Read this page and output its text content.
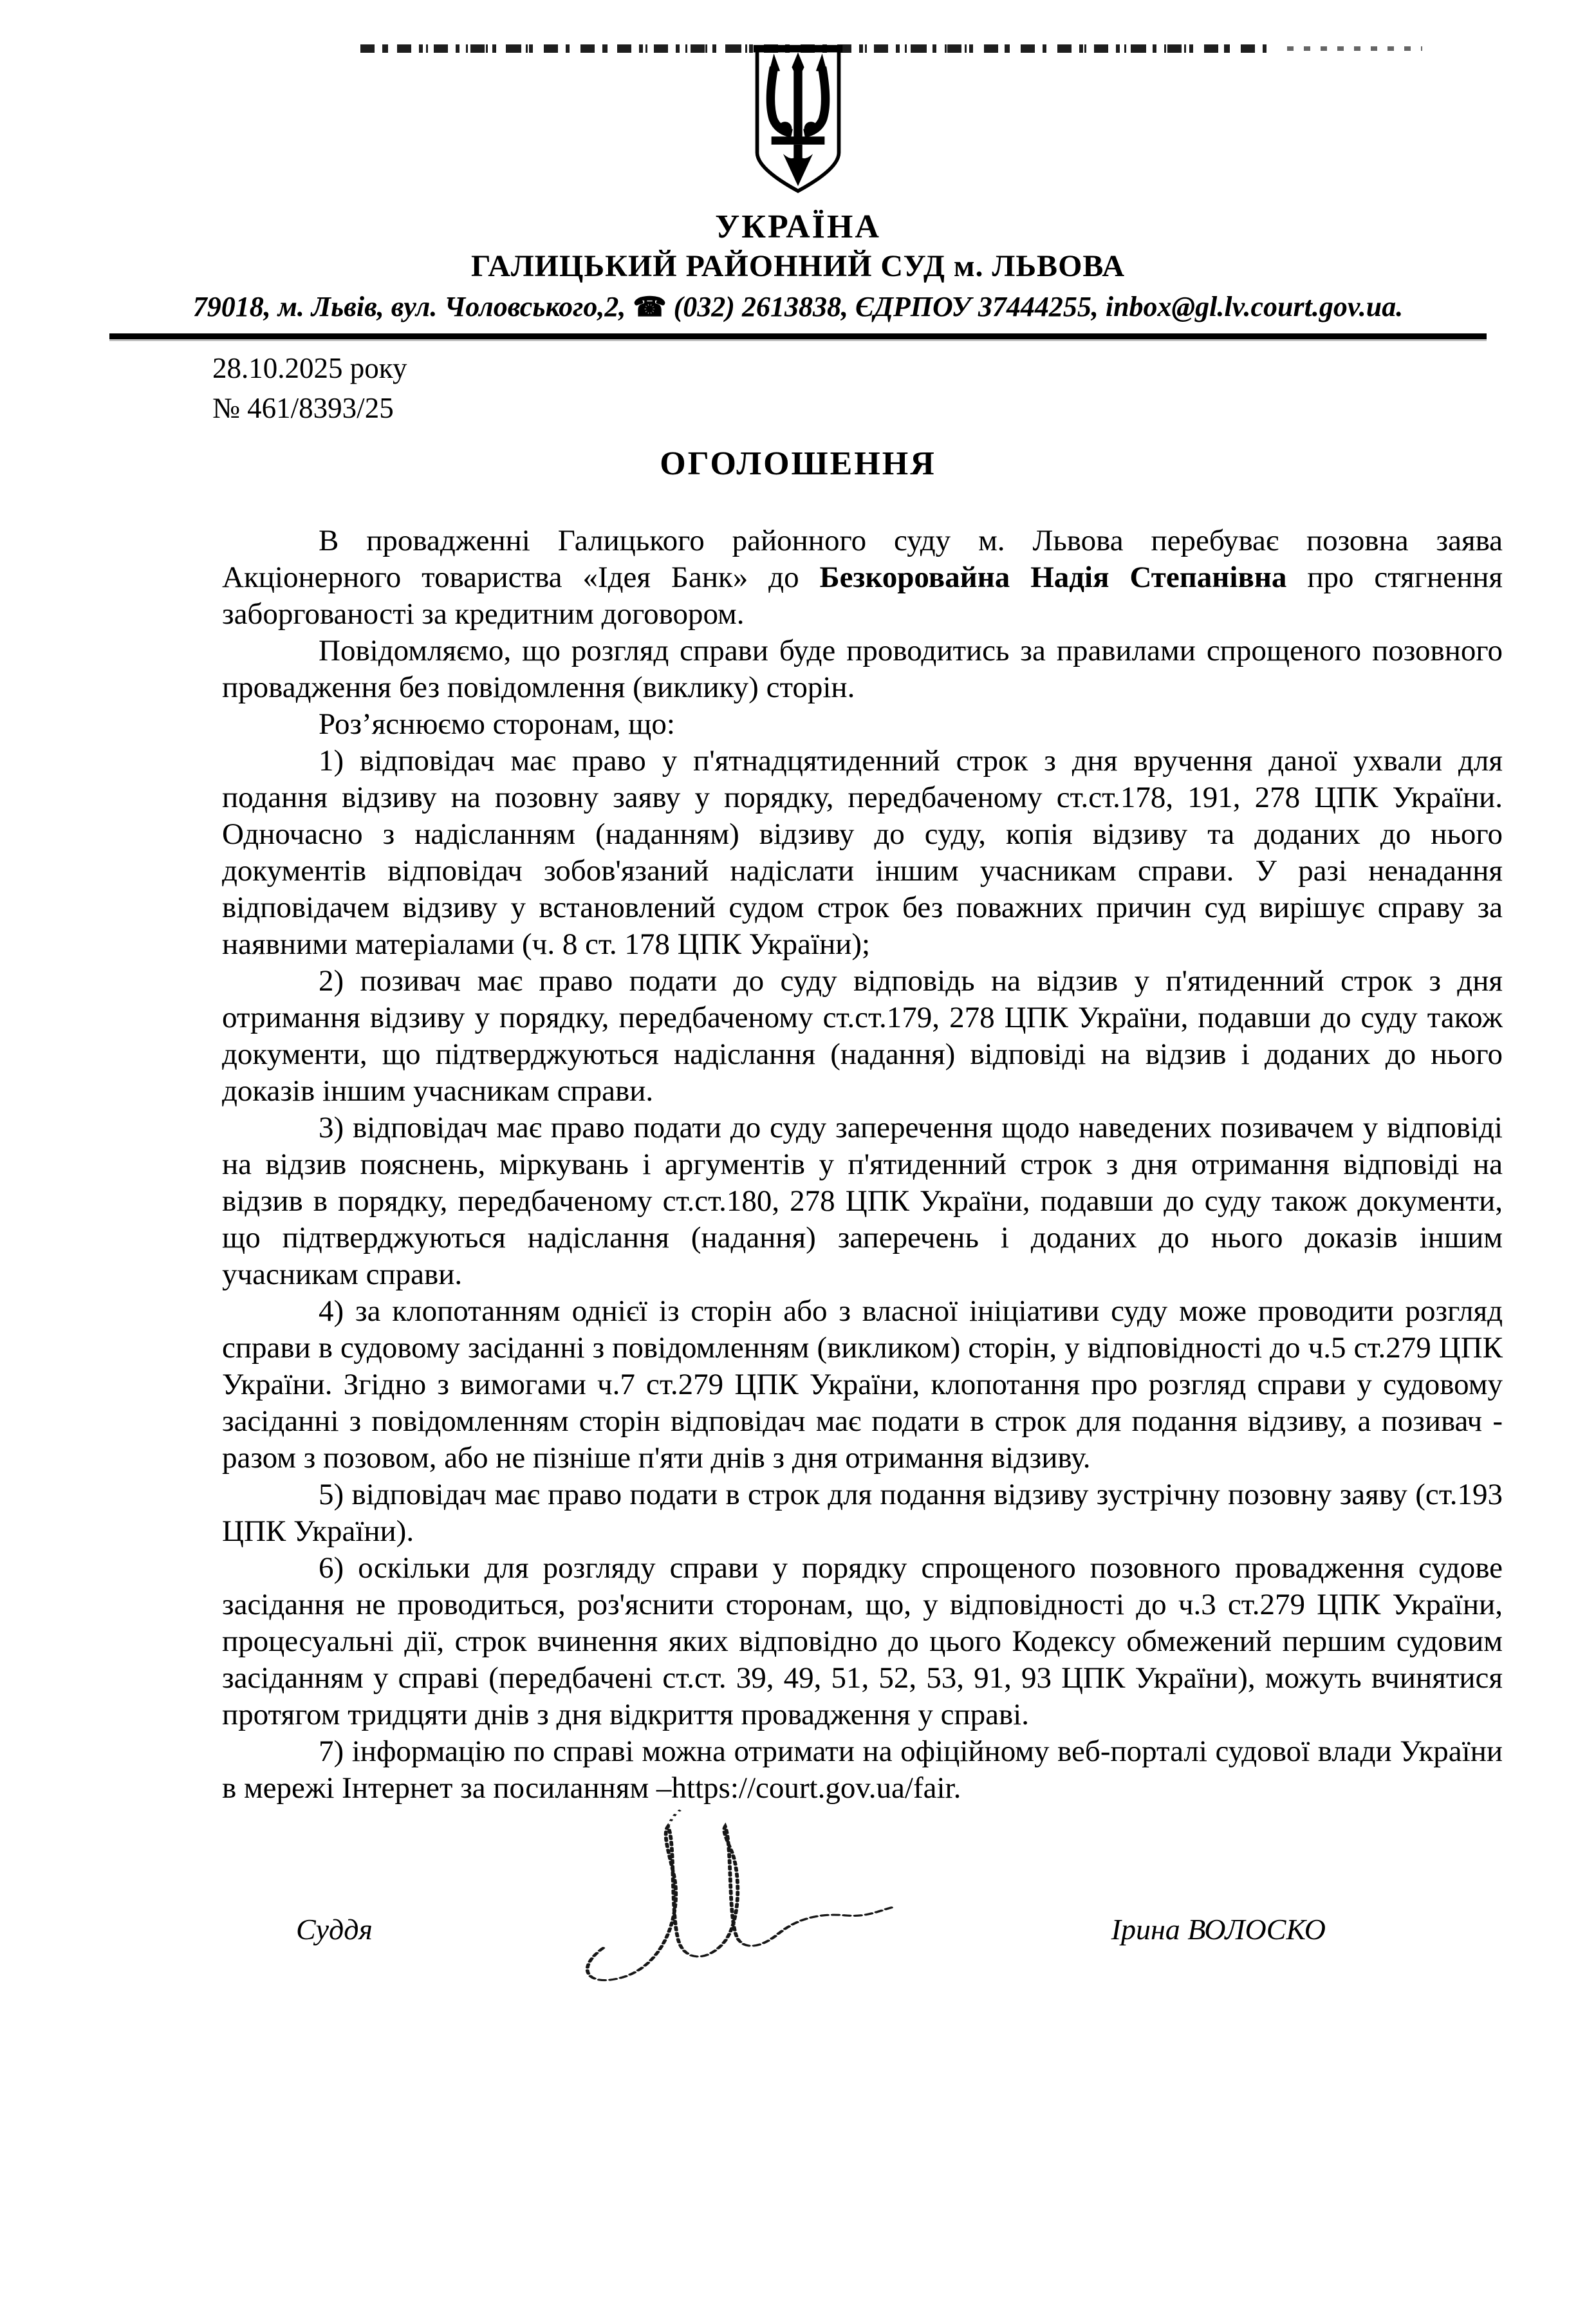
УКРАЇНА
ГАЛИЦЬКИЙ РАЙОННИЙ СУД м. ЛЬВОВА
79018, м. Львів, вул. Чоловського,2, ☎ (032) 2613838, ЄДРПОУ 37444255, inbox@gl.lv.court.gov.ua.
28.10.2025 року
№ 461/8393/25
ОГОЛОШЕННЯ

В провадженні Галицького районного суду м. Львова перебуває позовна заява Акціонерного товариства «Ідея Банк» до Безкоровайна Надія Степанівна про стягнення заборгованості за кредитним договором.

Повідомляємо, що розгляд справи буде проводитись за правилами спрощеного позовного провадження без повідомлення (виклику) сторін.

Роз’яснюємо сторонам, що:

1) відповідач має право у п'ятнадцятиденний строк з дня вручення даної ухвали для подання відзиву на позовну заяву у порядку, передбаченому ст.ст.178, 191, 278 ЦПК України. Одночасно з надісланням (наданням) відзиву до суду, копія відзиву та доданих до нього документів відповідач зобов'язаний надіслати іншим учасникам справи. У разі ненадання відповідачем відзиву у встановлений судом строк без поважних причин суд вирішує справу за наявними матеріалами (ч. 8 ст. 178 ЦПК України);

2) позивач має право подати до суду відповідь на відзив у п'ятиденний строк з дня отримання відзиву у порядку, передбаченому ст.ст.179, 278 ЦПК України, подавши до суду також документи, що підтверджуються надіслання (надання) відповіді на відзив і доданих до нього доказів іншим учасникам справи.

3) відповідач має право подати до суду заперечення щодо наведених позивачем у відповіді на відзив пояснень, міркувань і аргументів у п'ятиденний строк з дня отримання відповіді на відзив в порядку, передбаченому ст.ст.180, 278 ЦПК України, подавши до суду також документи, що підтверджуються надіслання (надання) заперечень і доданих до нього доказів іншим учасникам справи.

4) за клопотанням однієї із сторін або з власної ініціативи суду може проводити розгляд справи в судовому засіданні з повідомленням (викликом) сторін, у відповідності до ч.5 ст.279 ЦПК України. Згідно з вимогами ч.7 ст.279 ЦПК України, клопотання про розгляд справи у судовому засіданні з повідомленням сторін відповідач має подати в строк для подання відзиву, а позивач - разом з позовом, або не пізніше п'яти днів з дня отримання відзиву.

5) відповідач має право подати в строк для подання відзиву зустрічну позовну заяву (ст.193 ЦПК України).

6) оскільки для розгляду справи у порядку спрощеного позовного провадження судове засідання не проводиться, роз'яснити сторонам, що, у відповідності до ч.3 ст.279 ЦПК України, процесуальні дії, строк вчинення яких відповідно до цього Кодексу обмежений першим судовим засіданням у справі (передбачені ст.ст. 39, 49, 51, 52, 53, 91, 93 ЦПК України), можуть вчинятися протягом тридцяти днів з дня відкриття провадження у справі.

7) інформацію по справі можна отримати на офіційному веб-порталі судової влади України в мережі Інтернет за посиланням –https://court.gov.ua/fair.

Суддя	Ірина ВОЛОСКО
